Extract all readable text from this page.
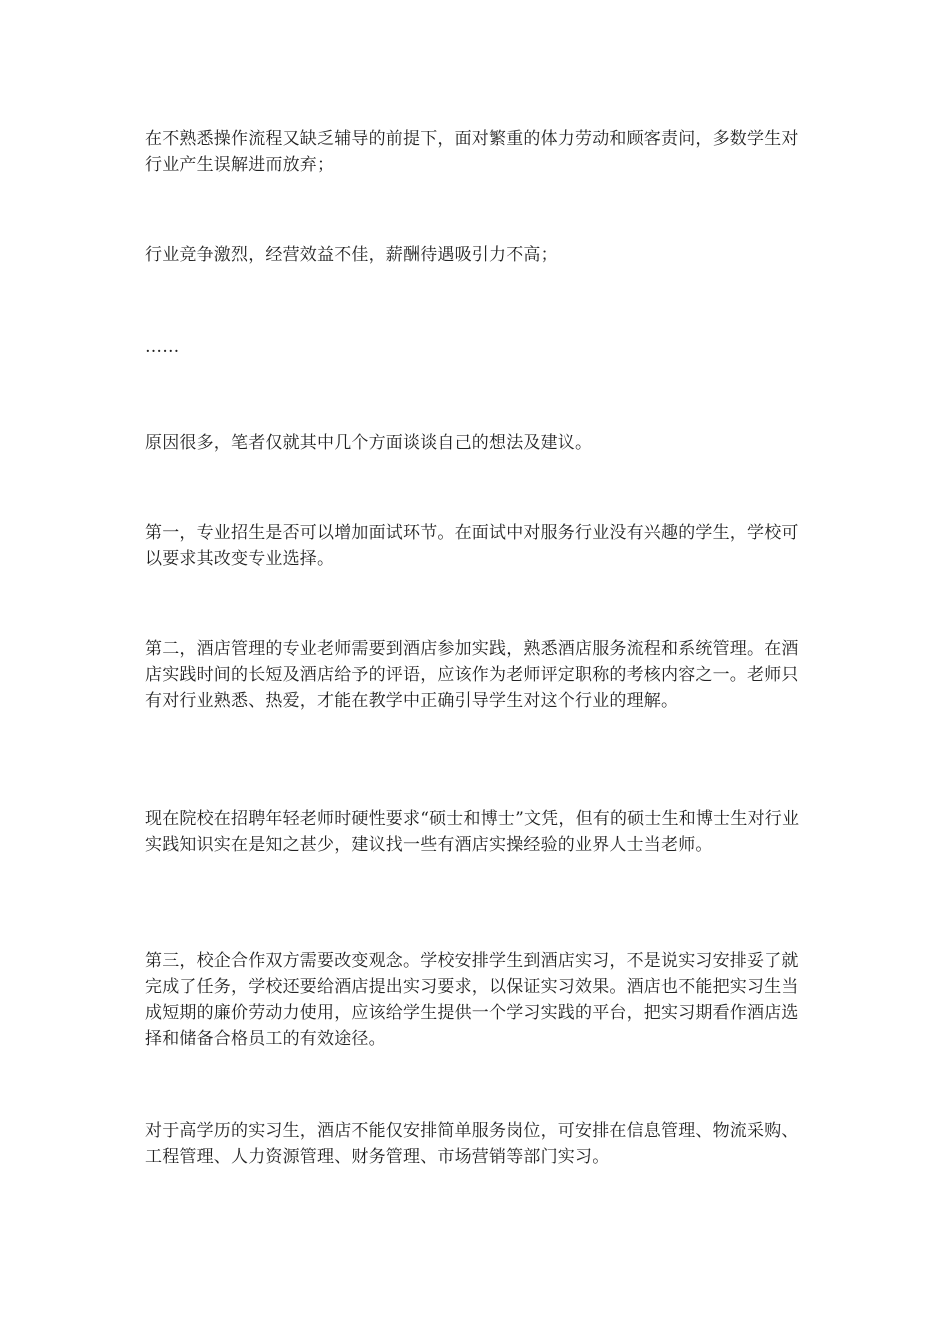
在不熟悉操作流程又缺乏辅导的前提下，面对繁重的体力劳动和顾客责问，多数学生对行业产生误解进而放弃；

行业竞争激烈，经营效益不佳，薪酬待遇吸引力不高；

……

原因很多，笔者仅就其中几个方面谈谈自己的想法及建议。

第一，专业招生是否可以增加面试环节。在面试中对服务行业没有兴趣的学生，学校可以要求其改变专业选择。

第二，酒店管理的专业老师需要到酒店参加实践，熟悉酒店服务流程和系统管理。在酒店实践时间的长短及酒店给予的评语，应该作为老师评定职称的考核内容之一。老师只有对行业熟悉、热爱，才能在教学中正确引导学生对这个行业的理解。

现在院校在招聘年轻老师时硬性要求“硕士和博士”文凭，但有的硕士生和博士生对行业实践知识实在是知之甚少，建议找一些有酒店实操经验的业界人士当老师。

第三，校企合作双方需要改变观念。学校安排学生到酒店实习，不是说实习安排妥了就完成了任务，学校还要给酒店提出实习要求，以保证实习效果。酒店也不能把实习生当成短期的廉价劳动力使用，应该给学生提供一个学习实践的平台，把实习期看作酒店选择和储备合格员工的有效途径。

对于高学历的实习生，酒店不能仅安排简单服务岗位，可安排在信息管理、物流采购、工程管理、人力资源管理、财务管理、市场营销等部门实习。
